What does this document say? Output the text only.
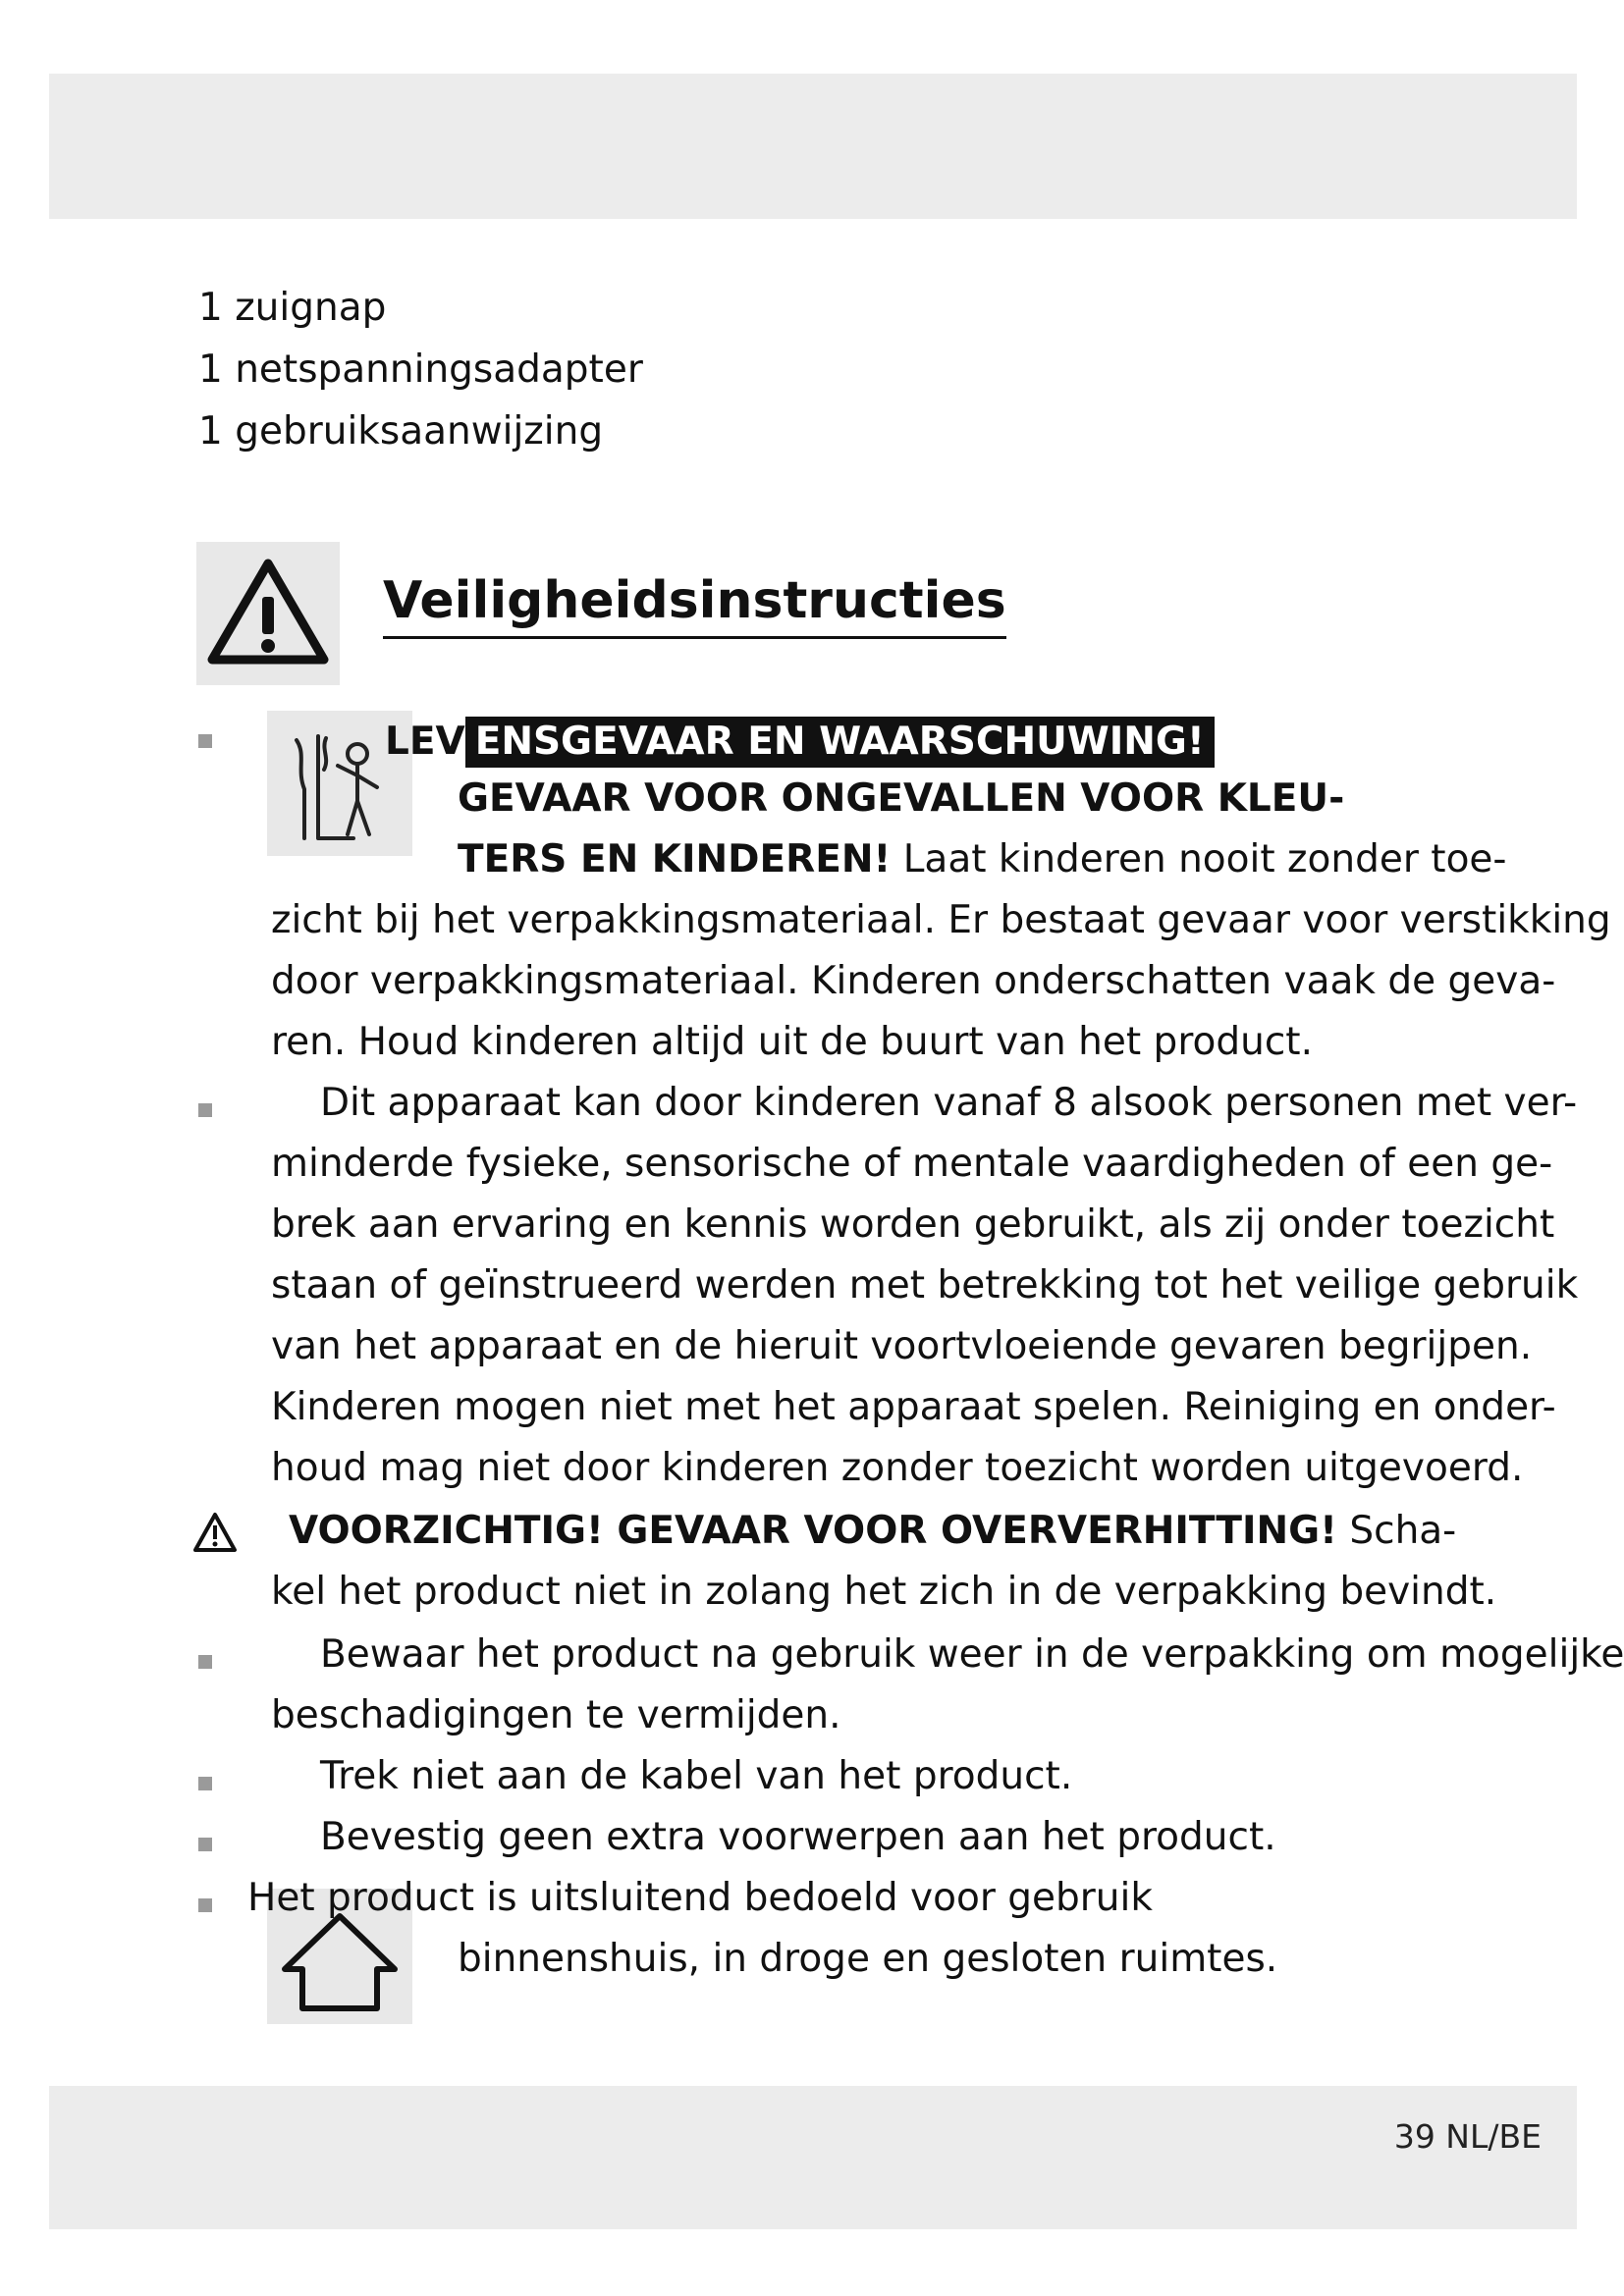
1 zuignap
1 netspanningsadapter
1 gebruiksaanwijzing
Veiligheidsinstructies
LEV ENSGEVAAR EN WAARSCHUWING!
GEVAAR VOOR ONGEVALLEN VOOR KLEU-
TERS EN KINDEREN! Laat kinderen nooit zonder toe-
zicht bij het verpakkingsmateriaal. Er bestaat gevaar voor verstikking
door verpakkingsmateriaal. Kinderen onderschatten vaak de geva-
ren. Houd kinderen altijd uit de buurt van het product.
Dit apparaat kan door kinderen vanaf 8 alsook personen met ver-
minderde fysieke, sensorische of mentale vaardigheden of een ge-
brek aan ervaring en kennis worden gebruikt, als zij onder toezicht
staan of geïnstrueerd werden met betrekking tot het veilige gebruik
van het apparaat en de hieruit voortvloeiende gevaren begrijpen.
Kinderen mogen niet met het apparaat spelen. Reiniging en onder-
houd mag niet door kinderen zonder toezicht worden uitgevoerd.
VOORZICHTIG! GEVAAR VOOR OVERVERHITTING! Scha-
kel het product niet in zolang het zich in de verpakking bevindt.
Bewaar het product na gebruik weer in de verpakking om mogelijke
beschadigingen te vermijden.
Trek niet aan de kabel van het product.
Bevestig geen extra voorwerpen aan het product.
Het product is uitsluitend bedoeld voor gebruik
binnenshuis, in droge en gesloten ruimtes.
39 NL/BE
